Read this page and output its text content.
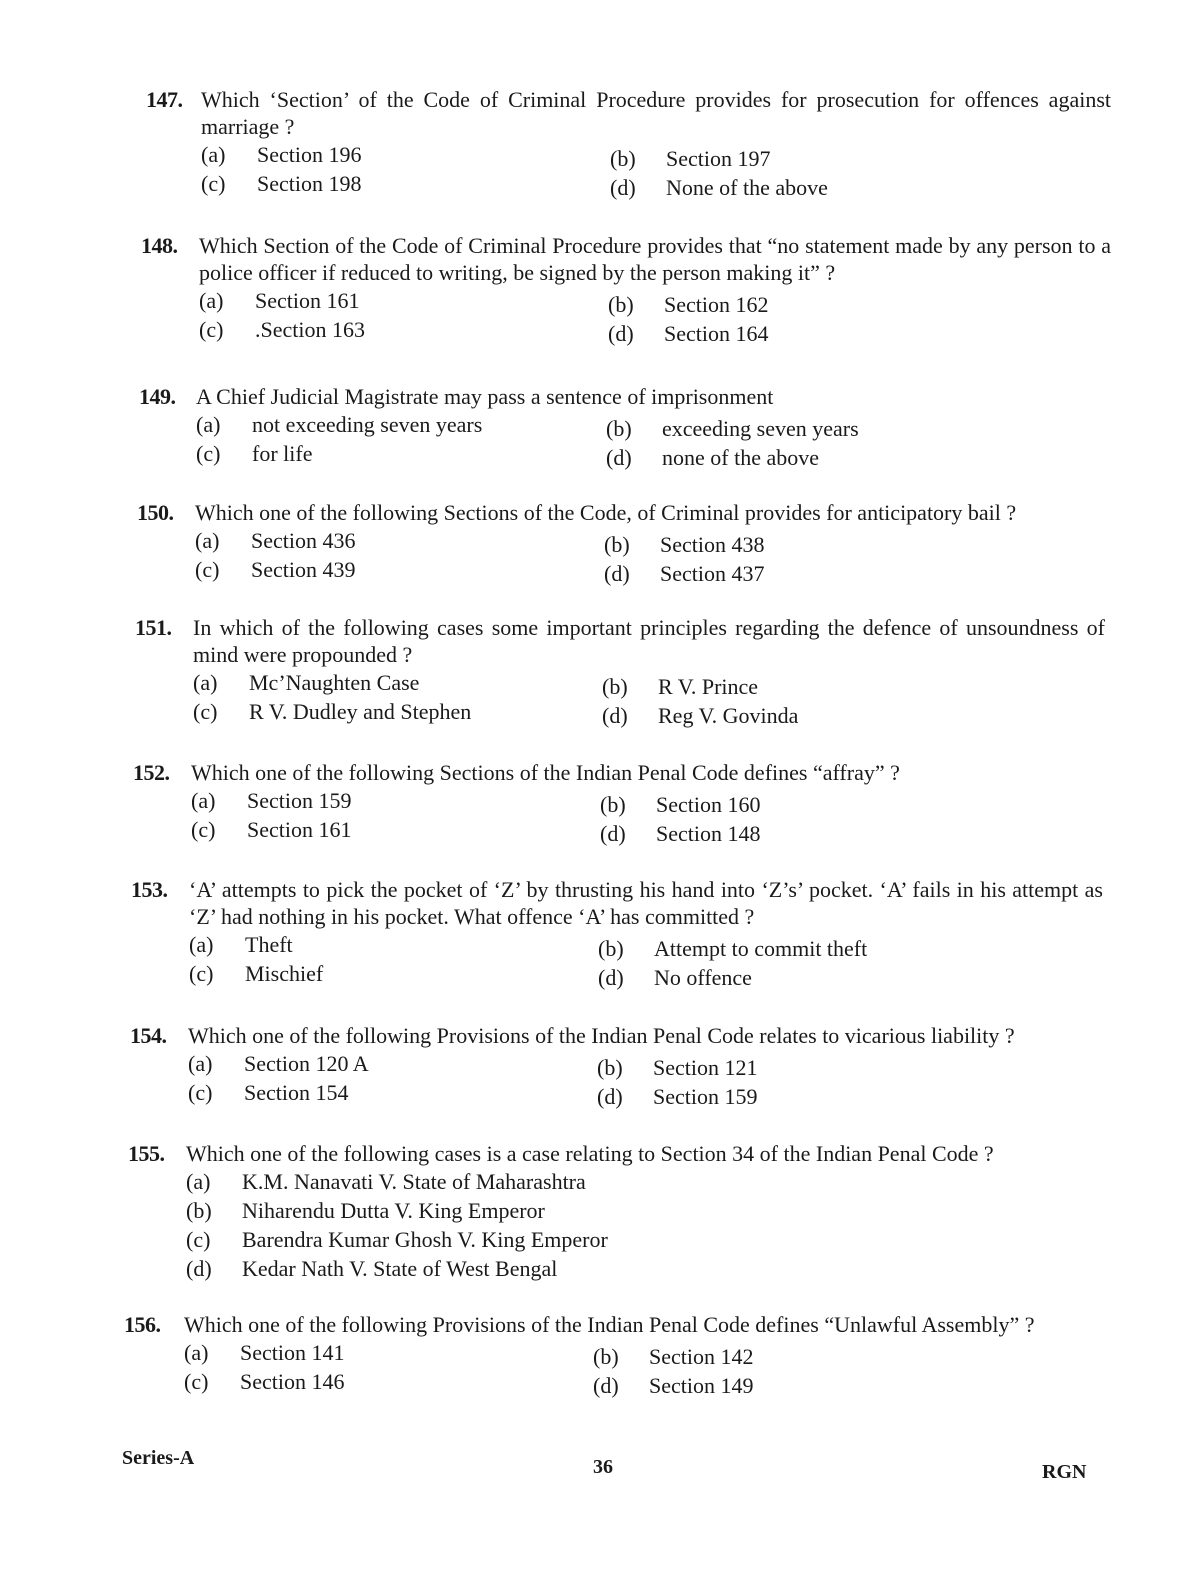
147. Which ‘Section’ of the Code of Criminal Procedure provides for prosecution for offences against marriage ?
(a) Section 196	(b) Section 197
(c) Section 198	(d) None of the above
148. Which Section of the Code of Criminal Procedure provides that “no statement made by any person to a police officer if reduced to writing, be signed by the person making it” ?
(a) Section 161	(b) Section 162
(c) .Section 163	(d) Section 164
149. A Chief Judicial Magistrate may pass a sentence of imprisonment
(a) not exceeding seven years	(b) exceeding seven years
(c) for life	(d) none of the above
150. Which one of the following Sections of the Code, of Criminal provides for anticipatory bail ?
(a) Section 436	(b) Section 438
(c) Section 439	(d) Section 437
151. In which of the following cases some important principles regarding the defence of unsoundness of mind were propounded ?
(a) Mc’Naughten Case	(b) R V. Prince
(c) R V. Dudley and Stephen	(d) Reg V. Govinda
152. Which one of the following Sections of the Indian Penal Code defines “affray” ?
(a) Section 159	(b) Section 160
(c) Section 161	(d) Section 148
153. ‘A’ attempts to pick the pocket of ‘Z’ by thrusting his hand into ‘Z’s’ pocket. ‘A’ fails in his attempt as ‘Z’ had nothing in his pocket. What offence ‘A’ has committed ?
(a) Theft	(b) Attempt to commit theft
(c) Mischief	(d) No offence
154. Which one of the following Provisions of the Indian Penal Code relates to vicarious liability ?
(a) Section 120 A	(b) Section 121
(c) Section 154	(d) Section 159
155. Which one of the following cases is a case relating to Section 34 of the Indian Penal Code ?
(a) K.M. Nanavati V. State of Maharashtra
(b) Niharendu Dutta V. King Emperor
(c) Barendra Kumar Ghosh V. King Emperor
(d) Kedar Nath V. State of West Bengal
156. Which one of the following Provisions of the Indian Penal Code defines “Unlawful Assembly” ?
(a) Section 141	(b) Section 142
(c) Section 146	(d) Section 149
Series-A	36	RGN
